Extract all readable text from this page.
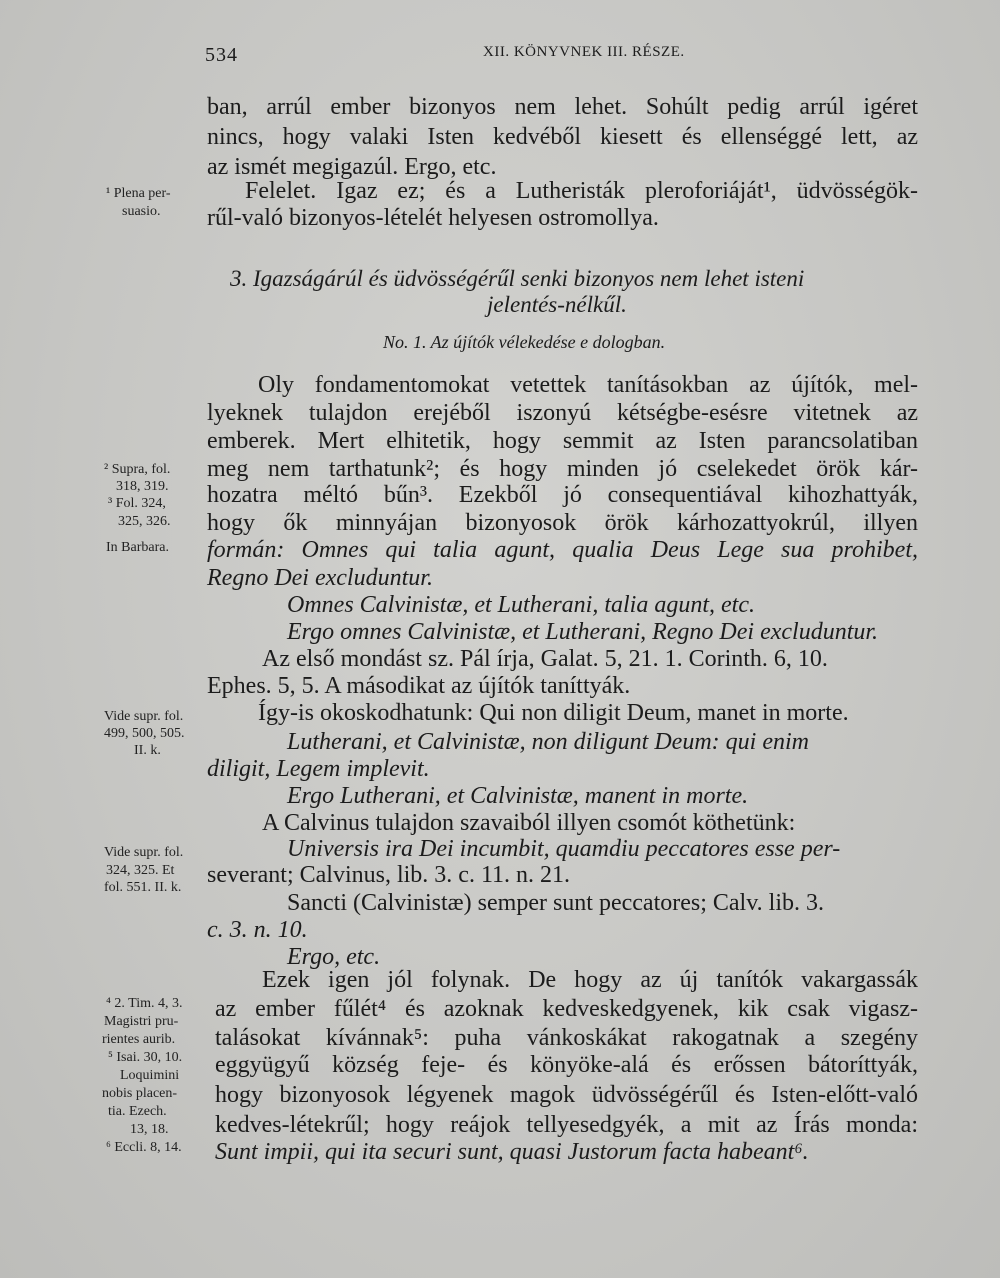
534	XII. KÖNYVNEK III. RÉSZE.
ban, arrúl ember bizonyos nem lehet. Sohúlt pedig arrúl igéret
nincs, hogy valaki Isten kedvéből kiesett és ellenséggé lett, az
az ismét megigazúl. Ergo, etc.
Felelet. Igaz ez; és a Lutheristák pleroforiáját¹, üdvösségök-
rűl-való bizonyos-lételét helyesen ostromollya.
3. Igazságárúl és üdvösségérűl senki bizonyos nem lehet isteni
jelentés-nélkűl.
No. 1. Az újítók vélekedése e dologban.
Oly fondamentomokat vetettek tanításokban az újítók, mel-
lyeknek tulajdon erejéből iszonyú kétségbe-esésre vitetnek az
emberek. Mert elhitetik, hogy semmit az Isten parancsolatiban
meg nem tarthatunk²; és hogy minden jó cselekedet örök kár-
hozatra méltó bűn³. Ezekből jó consequentiával kihozhattyák,
hogy ők minnyájan bizonyosok örök kárhozattyokrúl, illyen
formán: Omnes qui talia agunt, qualia Deus Lege sua prohibet,
Regno Dei excluduntur.
Omnes Calvinistæ, et Lutherani, talia agunt, etc.
Ergo omnes Calvinistæ, et Lutherani, Regno Dei excluduntur.
Az első mondást sz. Pál írja, Galat. 5, 21. 1. Corinth. 6, 10.
Ephes. 5, 5. A másodikat az újítók taníttyák.
Így-is okoskodhatunk: Qui non diligit Deum, manet in morte.
Lutherani, et Calvinistæ, non diligunt Deum: qui enim
diligit, Legem implevit.
Ergo Lutherani, et Calvinistæ, manent in morte.
A Calvinus tulajdon szavaiból illyen csomót köthetünk:
Universis ira Dei incumbit, quamdiu peccatores esse per-
severant; Calvinus, lib. 3. c. 11. n. 21.
Sancti (Calvinistæ) semper sunt peccatores; Calv. lib. 3.
c. 3. n. 10.
Ergo, etc.
Ezek igen jól folynak. De hogy az új tanítók vakargassák
az ember fűlét⁴ és azoknak kedveskedgyenek, kik csak vigasz-
talásokat kívánnak⁵: puha vánkoskákat rakogatnak a szegény
eggyügyű község feje- és könyöke-alá és erőssen bátoríttyák,
hogy bizonyosok légyenek magok üdvösségérűl és Isten-előtt-való
kedves-létekrűl; hogy reájok tellyesedgyék, a mit az Írás monda:
Sunt impii, qui ita securi sunt, quasi Justorum facta habeant⁶.
¹ Plena per-
suasio.
² Supra, fol.
318, 319.
³ Fol. 324,
325, 326.
In Barbara.
Vide supr. fol.
499, 500, 505.
II. k.
Vide supr. fol.
324, 325. Et
fol. 551. II. k.
⁴ 2. Tim. 4, 3.
Magistri pru-
rientes aurib.
⁵ Isai. 30, 10.
Loquimini
nobis placen-
tia. Ezech.
13, 18.
⁶ Eccli. 8, 14.
